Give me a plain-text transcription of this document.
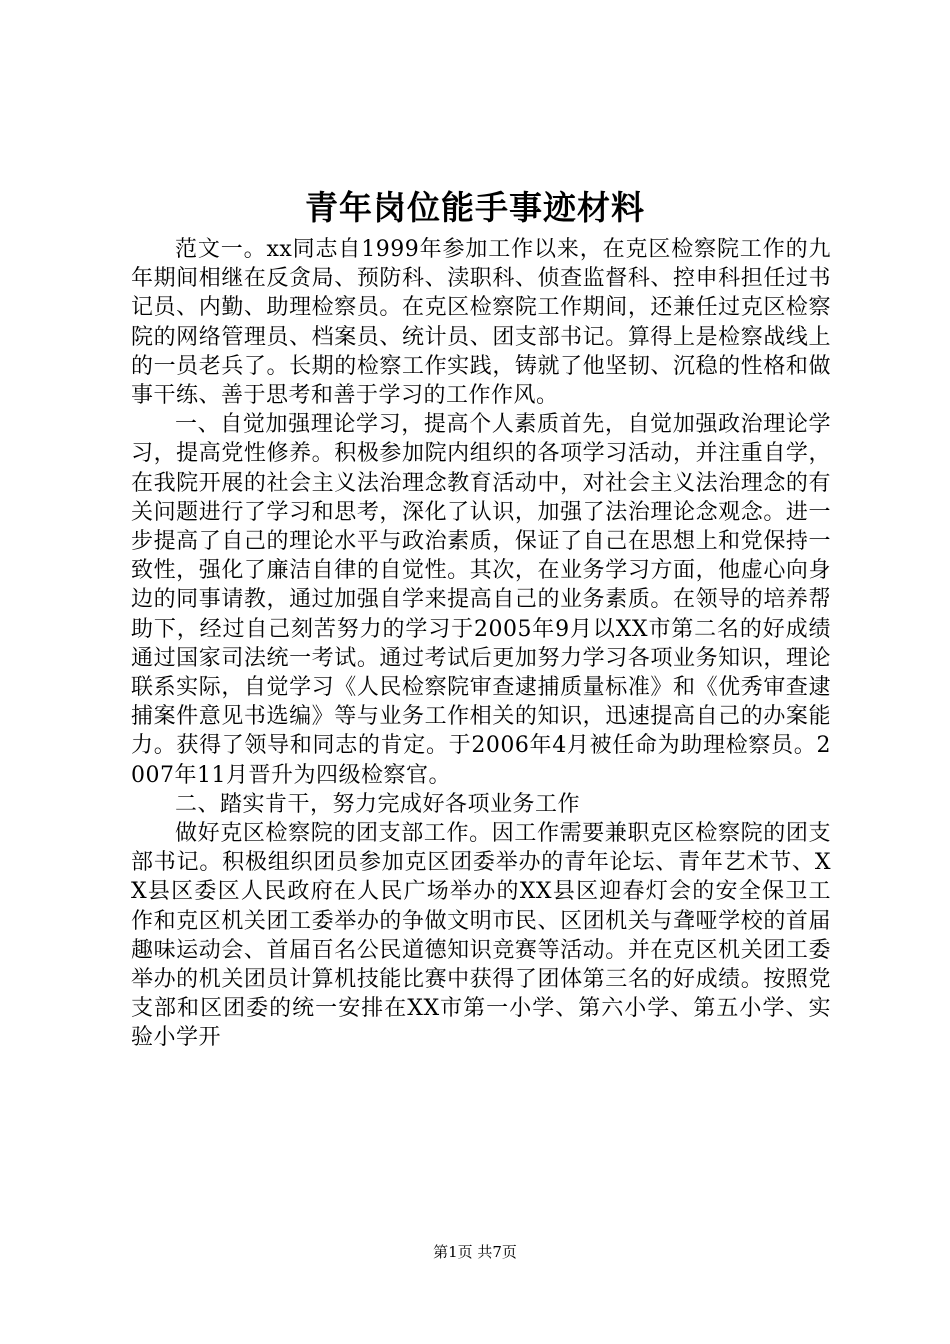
青年岗位能手事迹材料

范文一。xx同志自1999年参加工作以来，在克区检察院工作的九年期间相继在反贪局、预防科、渎职科、侦查监督科、控申科担任过书记员、内勤、助理检察员。在克区检察院工作期间，还兼任过克区检察院的网络管理员、档案员、统计员、团支部书记。算得上是检察战线上的一员老兵了。长期的检察工作实践，铸就了他坚韧、沉稳的性格和做事干练、善于思考和善于学习的工作作风。

一、自觉加强理论学习，提高个人素质首先，自觉加强政治理论学习，提高党性修养。积极参加院内组织的各项学习活动，并注重自学，在我院开展的社会主义法治理念教育活动中，对社会主义法治理念的有关问题进行了学习和思考，深化了认识，加强了法治理论念观念。进一步提高了自己的理论水平与政治素质，保证了自己在思想上和党保持一致性，强化了廉洁自律的自觉性。其次，在业务学习方面，他虚心向身边的同事请教，通过加强自学来提高自己的业务素质。在领导的培养帮助下，经过自己刻苦努力的学习于2005年9月以XX市第二名的好成绩通过国家司法统一考试。通过考试后更加努力学习各项业务知识，理论联系实际，自觉学习《人民检察院审查逮捕质量标准》和《优秀审查逮捕案件意见书选编》等与业务工作相关的知识，迅速提高自己的办案能力。获得了领导和同志的肯定。于2006年4月被任命为助理检察员。2007年11月晋升为四级检察官。

二、踏实肯干，努力完成好各项业务工作

做好克区检察院的团支部工作。因工作需要兼职克区检察院的团支部书记。积极组织团员参加克区团委举办的青年论坛、青年艺术节、XX县区委区人民政府在人民广场举办的XX县区迎春灯会的安全保卫工作和克区机关团工委举办的争做文明市民、区团机关与聋哑学校的首届趣味运动会、首届百名公民道德知识竞赛等活动。并在克区机关团工委举办的机关团员计算机技能比赛中获得了团体第三名的好成绩。按照党支部和区团委的统一安排在XX市第一小学、第六小学、第五小学、实验小学开

第1页 共7页
